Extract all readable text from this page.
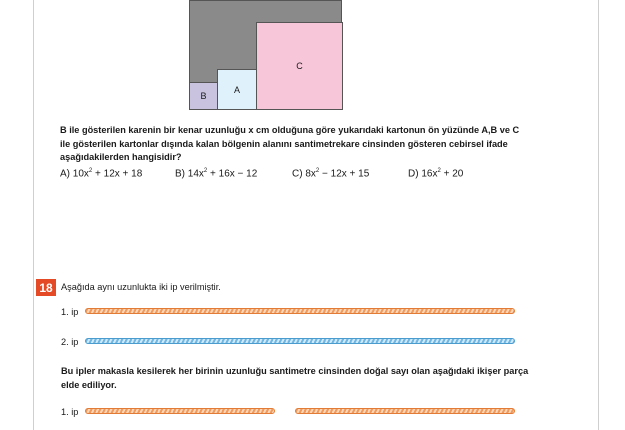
C
A
B
B ile gösterilen karenin bir kenar uzunluğu x cm olduğuna göre yukarıdaki kartonun ön yüzünde A,B ve C ile gösterilen kartonlar dışında kalan bölgenin alanını santimetrekare cinsinden gösteren cebirsel ifade aşağıdakilerden hangisidir?
A) $10x^2 + 12x + 18$	B) $14x^2 + 16x - 12$	C) $8x^2 - 12x + 15$	D) $16x^2 + 20$
18 Aşağıda aynı uzunlukta iki ip verilmiştir.
1. ip
2. ip
Bu ipler makasla kesilerek her birinin uzunluğu santimetre cinsinden doğal sayı olan aşağıdaki ikişer parça elde ediliyor.
1. ip
